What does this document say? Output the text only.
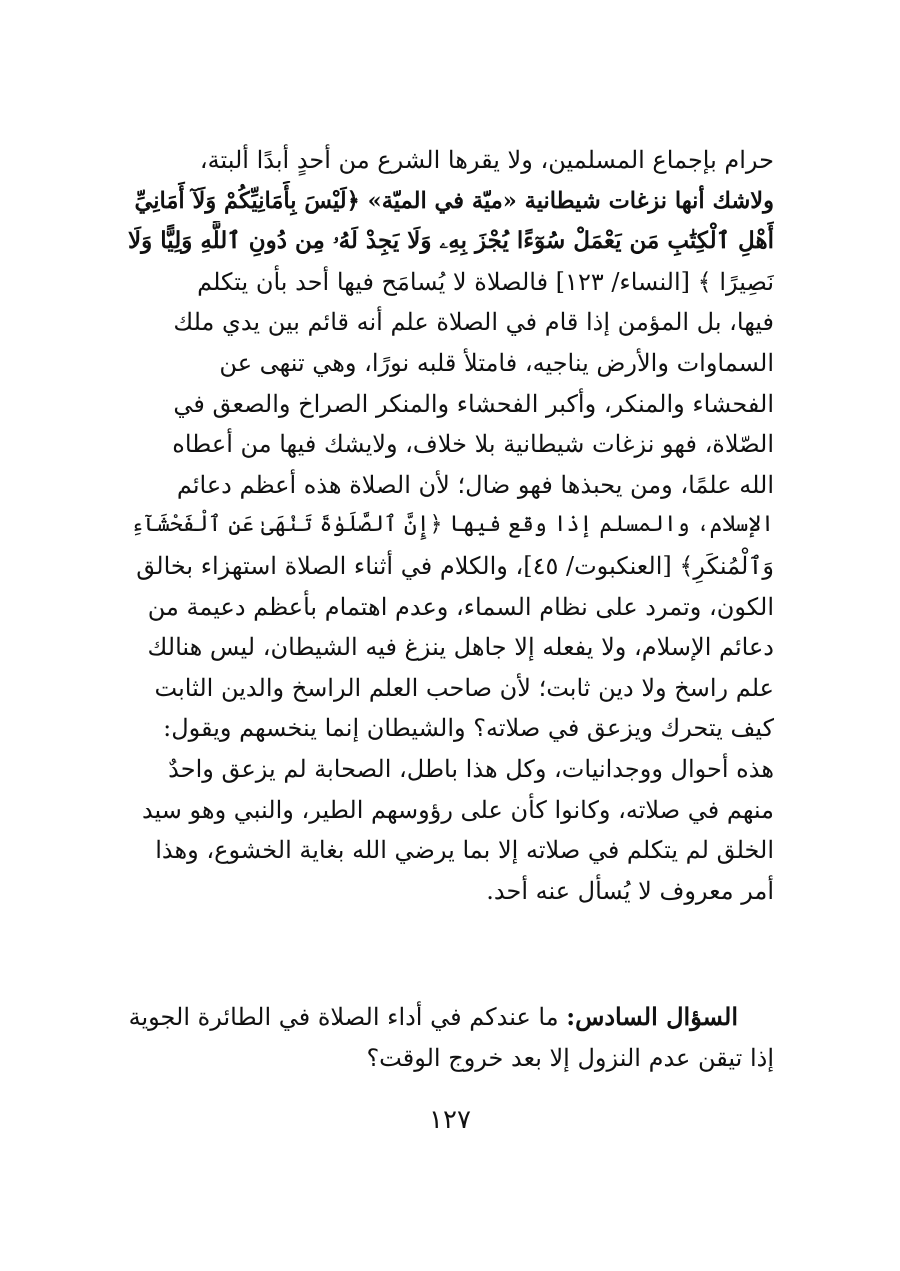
حرام بإجماع المسلمين، ولا يقرها الشرع من أحدٍ أبدًا ألبتة،
ولاشك أنها نزغات شيطانية «ميّة في الميّة» ﴿لَيْسَ بِأَمَانِيِّكُمْ وَلَآ أَمَانِيِّ
أَهْلِ ٱلْكِتَٰبِ مَن يَعْمَلْ سُوٓءًا يُجْزَ بِهِۦ وَلَا يَجِدْ لَهُۥ مِن دُونِ ٱللَّهِ وَلِيًّا وَلَا
نَصِيرًا ﴾ [النساء/ ١٢٣] فالصلاة لا يُسامَح فيها أحد بأن يتكلم
فيها، بل المؤمن إذا قام في الصلاة علم أنه قائم بين يدي ملك
السماوات والأرض يناجيه، فامتلأ قلبه نورًا، وهي تنهى عن
الفحشاء والمنكر، وأكبر الفحشاء والمنكر الصراخ والصعق في
الصّلاة، فهو نزغات شيطانية بلا خلاف، ولايشك فيها من أعطاه
الله علمًا، ومن يحبذها فهو ضال؛ لأن الصلاة هذه أعظم دعائم
الإسلام، والمسلم إذا وقع فيها ﴿إِنَّ ٱلصَّلَوٰةَ تَنْهَىٰ عَنِ ٱلْفَحْشَآءِ
وَٱلْمُنكَرِ﴾ [العنكبوت/ ٤٥]، والكلام في أثناء الصلاة استهزاء بخالق
الكون، وتمرد على نظام السماء، وعدم اهتمام بأعظم دعيمة من
دعائم الإسلام، ولا يفعله إلا جاهل ينزغ فيه الشيطان، ليس هنالك
علم راسخ ولا دين ثابت؛ لأن صاحب العلم الراسخ والدين الثابت
كيف يتحرك ويزعق في صلاته؟ والشيطان إنما ينخسهم ويقول:
هذه أحوال ووجدانيات، وكل هذا باطل، الصحابة لم يزعق واحدٌ
منهم في صلاته، وكانوا كأن على رؤوسهم الطير، والنبي وهو سيد
الخلق لم يتكلم في صلاته إلا بما يرضي الله بغاية الخشوع، وهذا
أمر معروف لا يُسأل عنه أحد.
السؤال السادس: ما عندكم في أداء الصلاة في الطائرة الجوية
إذا تيقن عدم النزول إلا بعد خروج الوقت؟
١٢٧
